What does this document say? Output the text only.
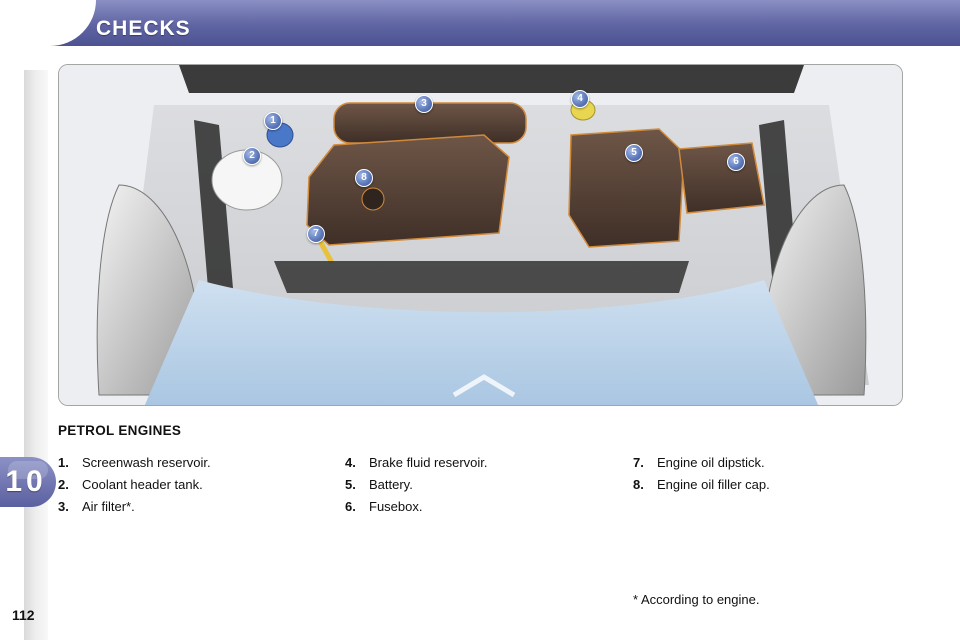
CHECKS
10
112
1
2
3	4
5
6
7
8
PETROL ENGINES
1. Screenwash reservoir.
2. Coolant header tank.
3. Air filter*.
4. Brake fluid reservoir.
5. Battery.
6. Fusebox.
7. Engine oil dipstick.
8. Engine oil filler cap.
* According to engine.
